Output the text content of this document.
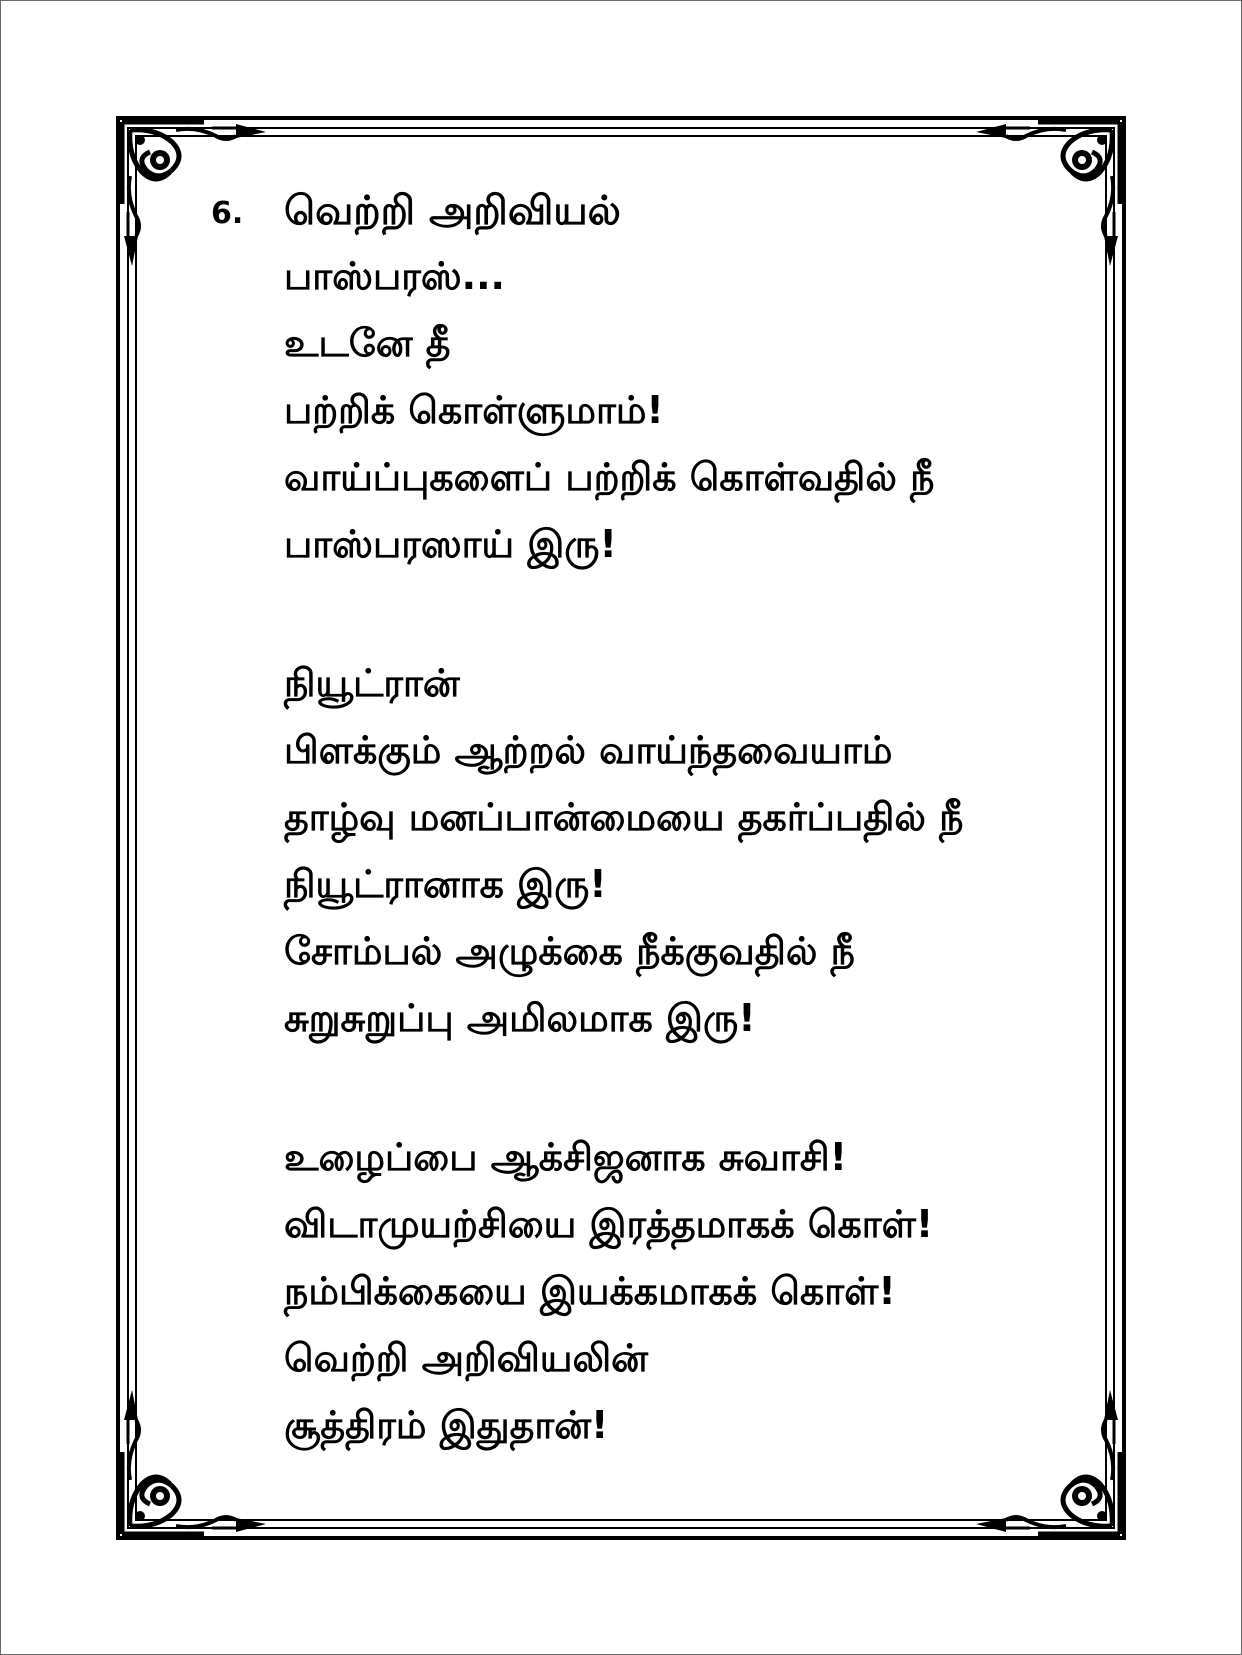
6. வெற்றி அறிவியல்
பாஸ்பரஸ்...
உடனே தீ
பற்றிக் கொள்ளுமாம்!
வாய்ப்புகளைப் பற்றிக் கொள்வதில் நீ
பாஸ்பரஸாய் இரு!
நியூட்ரான்
பிளக்கும் ஆற்றல் வாய்ந்தவையாம்
தாழ்வு மனப்பான்மையை தகர்ப்பதில் நீ
நியூட்ரானாக இரு!
சோம்பல் அழுக்கை நீக்குவதில் நீ
சுறுசுறுப்பு அமிலமாக இரு!
உழைப்பை ஆக்சிஜனாக சுவாசி!
விடாமுயற்சியை இரத்தமாகக் கொள்!
நம்பிக்கையை இயக்கமாகக் கொள்!
வெற்றி அறிவியலின்
சூத்திரம் இதுதான்!
